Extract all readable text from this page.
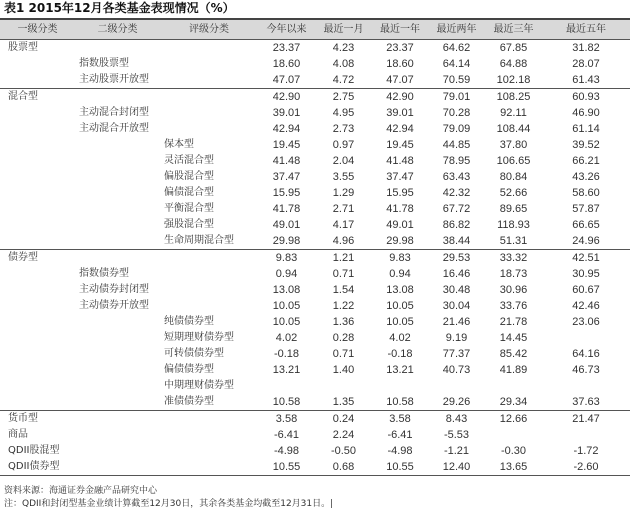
表1 2015年12月各类基金表现情况（%）
一级分类	二级分类	评级分类	今年以来	最近一月	最近一年	最近两年	最近三年	最近五年
股票型			23.37	4.23	23.37	64.62	67.85	31.82
	指数股票型		18.60	4.08	18.60	64.14	64.88	28.07
	主动股票开放型		47.07	4.72	47.07	70.59	102.18	61.43
混合型			42.90	2.75	42.90	79.01	108.25	60.93
	主动混合封闭型		39.01	4.95	39.01	70.28	92.11	46.90
	主动混合开放型		42.94	2.73	42.94	79.09	108.44	61.14
		保本型	19.45	0.97	19.45	44.85	37.80	39.52
		灵活混合型	41.48	2.04	41.48	78.95	106.65	66.21
		偏股混合型	37.47	3.55	37.47	63.43	80.84	43.26
		偏债混合型	15.95	1.29	15.95	42.32	52.66	58.60
		平衡混合型	41.78	2.71	41.78	67.72	89.65	57.87
		强股混合型	49.01	4.17	49.01	86.82	118.93	66.65
		生命周期混合型	29.98	4.96	29.98	38.44	51.31	24.96
债券型			9.83	1.21	9.83	29.53	33.32	42.51
	指数债券型		0.94	0.71	0.94	16.46	18.73	30.95
	主动债券封闭型		13.08	1.54	13.08	30.48	30.96	60.67
	主动债券开放型		10.05	1.22	10.05	30.04	33.76	42.46
		纯债债券型	10.05	1.36	10.05	21.46	21.78	23.06
		短期理财债券型	4.02	0.28	4.02	9.19	14.45	
		可转债债券型	-0.18	0.71	-0.18	77.37	85.42	64.16
		偏债债券型	13.21	1.40	13.21	40.73	41.89	46.73
		中期理财债券型						
		准债债券型	10.58	1.35	10.58	29.26	29.34	37.63
货币型			3.58	0.24	3.58	8.43	12.66	21.47
商品			-6.41	2.24	-6.41	-5.53		
QDII股混型			-4.98	-0.50	-4.98	-1.21	-0.30	-1.72
QDII债券型			10.55	0.68	10.55	12.40	13.65	-2.60
资料来源：海通证券金融产品研究中心
注：QDII和封闭型基金业绩计算截至12月30日，其余各类基金均截至12月31日。|
